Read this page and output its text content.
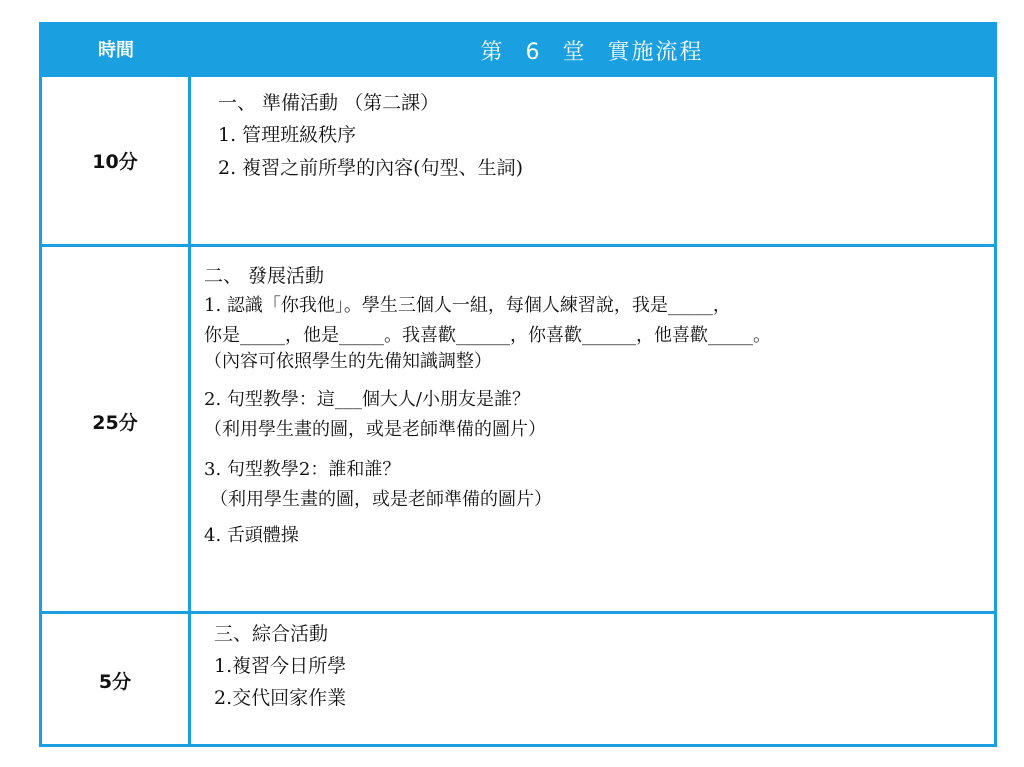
時間	第 6 堂 實施流程
10分
一、 準備活動 （第二課）
1. 管理班級秩序
2. 複習之前所學的內容(句型、生詞)
25分
二、 發展活動
1. 認識「你我他」。學生三個人一組，每個人練習說，我是_____，
你是_____，他是_____。我喜歡______，你喜歡______，他喜歡_____。
（內容可依照學生的先備知識調整）
2. 句型教學：這___個大人/小朋友是誰？
（利用學生畫的圖，或是老師準備的圖片）
3. 句型教學2：誰和誰？
（利用學生畫的圖，或是老師準備的圖片）
4. 舌頭體操
5分
三、綜合活動
1.複習今日所學
2.交代回家作業
